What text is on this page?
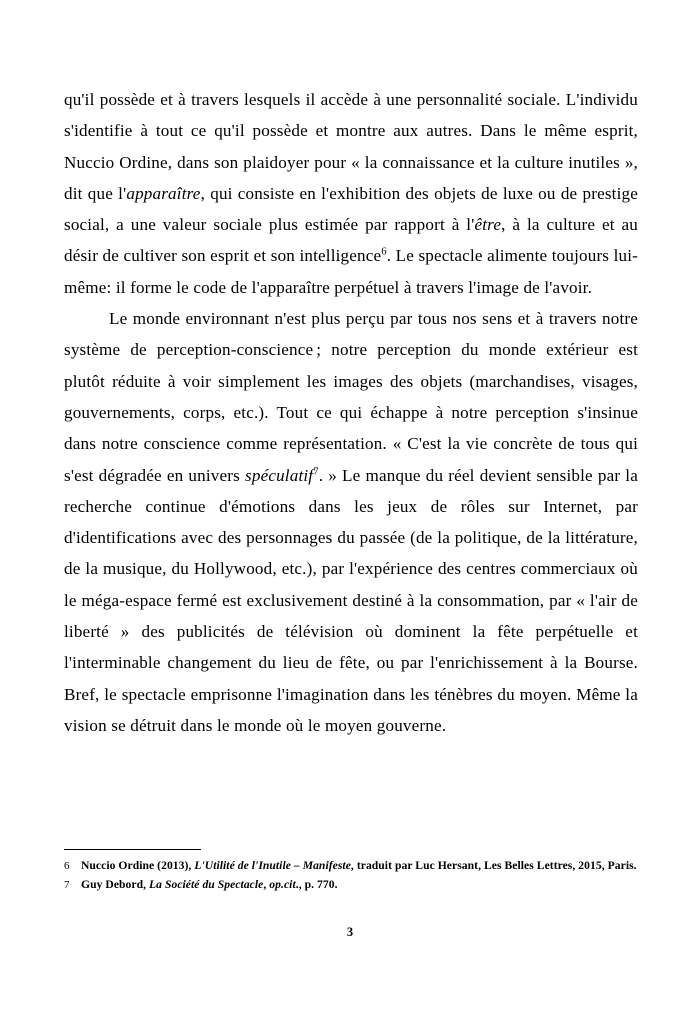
qu'il possède et à travers lesquels il accède à une personnalité sociale. L'individu s'identifie à tout ce qu'il possède et montre aux autres. Dans le même esprit, Nuccio Ordine, dans son plaidoyer pour « la connaissance et la culture inutiles », dit que l'apparaître, qui consiste en l'exhibition des objets de luxe ou de prestige social, a une valeur sociale plus estimée par rapport à l'être, à la culture et au désir de cultiver son esprit et son intelligence$^6$. Le spectacle alimente toujours lui-même: il forme le code de l'apparaître perpétuel à travers l'image de l'avoir.

Le monde environnant n'est plus perçu par tous nos sens et à travers notre système de perception-conscience ; notre perception du monde extérieur est plutôt réduite à voir simplement les images des objets (marchandises, visages, gouvernements, corps, etc.). Tout ce qui échappe à notre perception s'insinue dans notre conscience comme représentation. « C'est la vie concrète de tous qui s'est dégradée en univers spéculatif$^7$. » Le manque du réel devient sensible par la recherche continue d'émotions dans les jeux de rôles sur Internet, par d'identifications avec des personnages du passée (de la politique, de la littérature, de la musique, du Hollywood, etc.), par l'expérience des centres commerciaux où le méga-espace fermé est exclusivement destiné à la consommation, par « l'air de liberté » des publicités de télévision où dominent la fête perpétuelle et l'interminable changement du lieu de fête, ou par l'enrichissement à la Bourse. Bref, le spectacle emprisonne l'imagination dans les ténèbres du moyen. Même la vision se détruit dans le monde où le moyen gouverne.

6 Nuccio Ordine (2013), L'Utilité de l'Inutile – Manifeste, traduit par Luc Hersant, Les Belles Lettres, 2015, Paris.
7 Guy Debord, La Société du Spectacle, op.cit., p. 770.
3
